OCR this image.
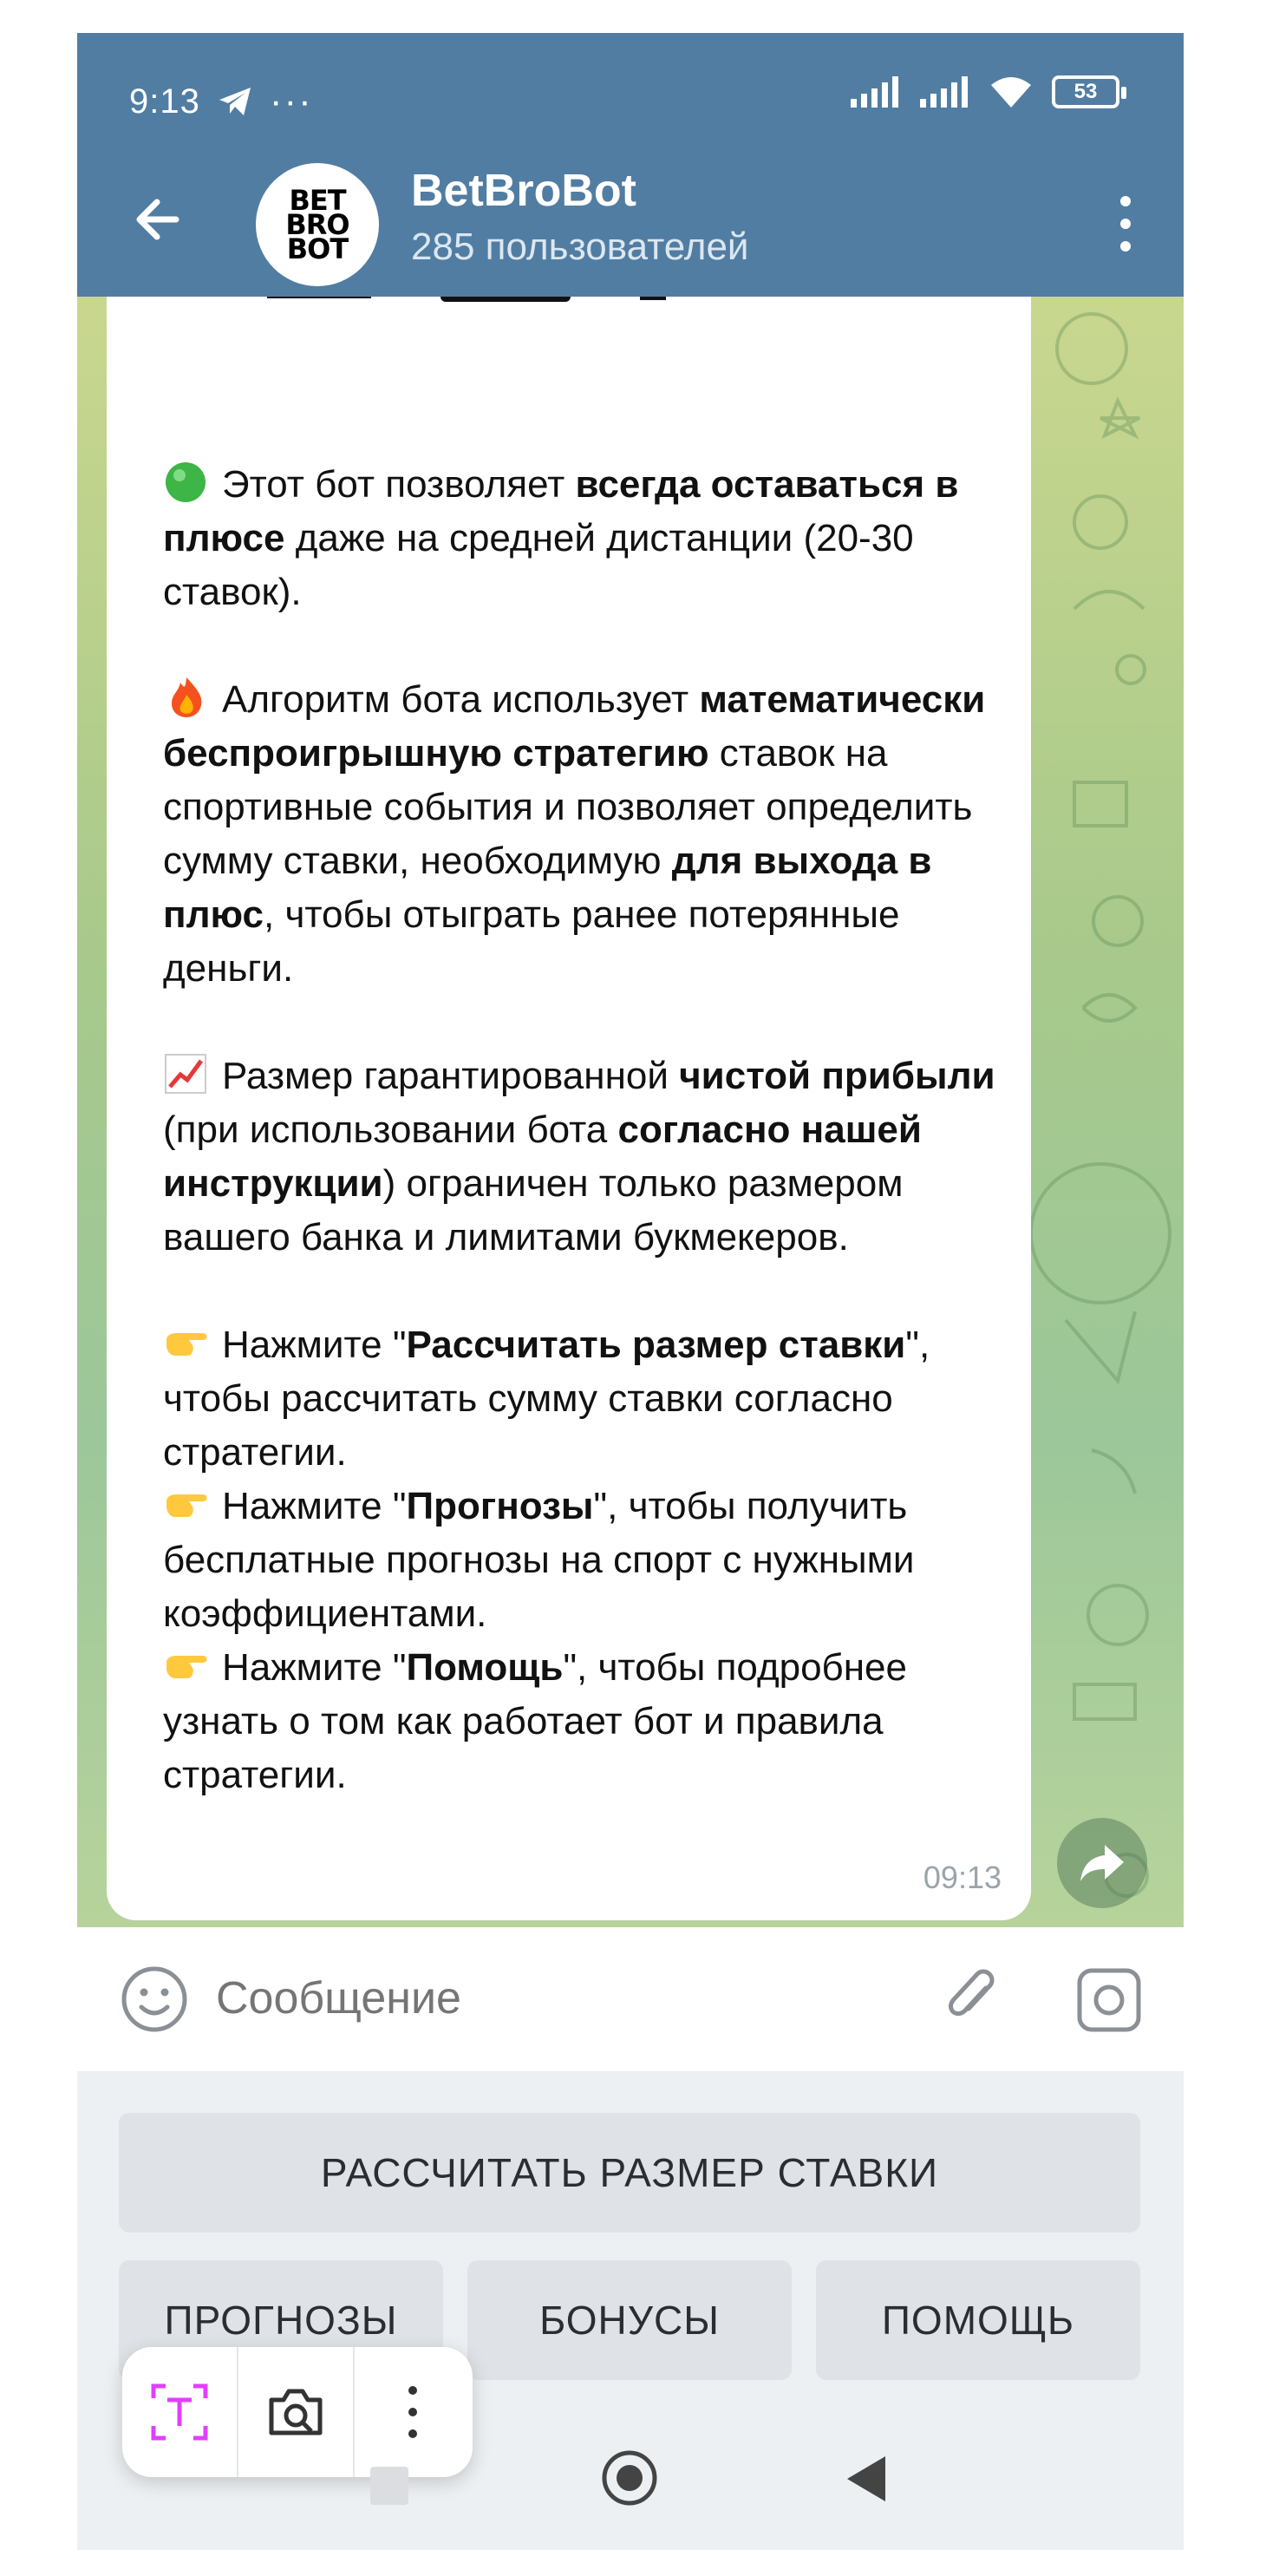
9:13 ···	53
BET
BRO
BOT
BetBroBot
285 пользователей

Этот бот позволяет всегда оставаться в плюсе даже на средней дистанции (20-30 ставок).

Алгоритм бота использует математически беспроигрышную стратегию ставок на спортивные события и позволяет определить сумму ставки, необходимую для выхода в плюс, чтобы отыграть ранее потерянные деньги.

Размер гарантированной чистой прибыли (при использовании бота согласно нашей инструкции) ограничен только размером вашего банка и лимитами букмекеров.

Нажмите "Рассчитать размер ставки", чтобы рассчитать сумму ставки согласно стратегии.
Нажмите "Прогнозы", чтобы получить бесплатные прогнозы на спорт с нужными коэффициентами.
Нажмите "Помощь", чтобы подробнее узнать о том как работает бот и правила стратегии.

09:13
Сообщение
РАССЧИТАТЬ РАЗМЕР СТАВКИ
ПРОГНОЗЫ	БОНУСЫ	ПОМОЩЬ
